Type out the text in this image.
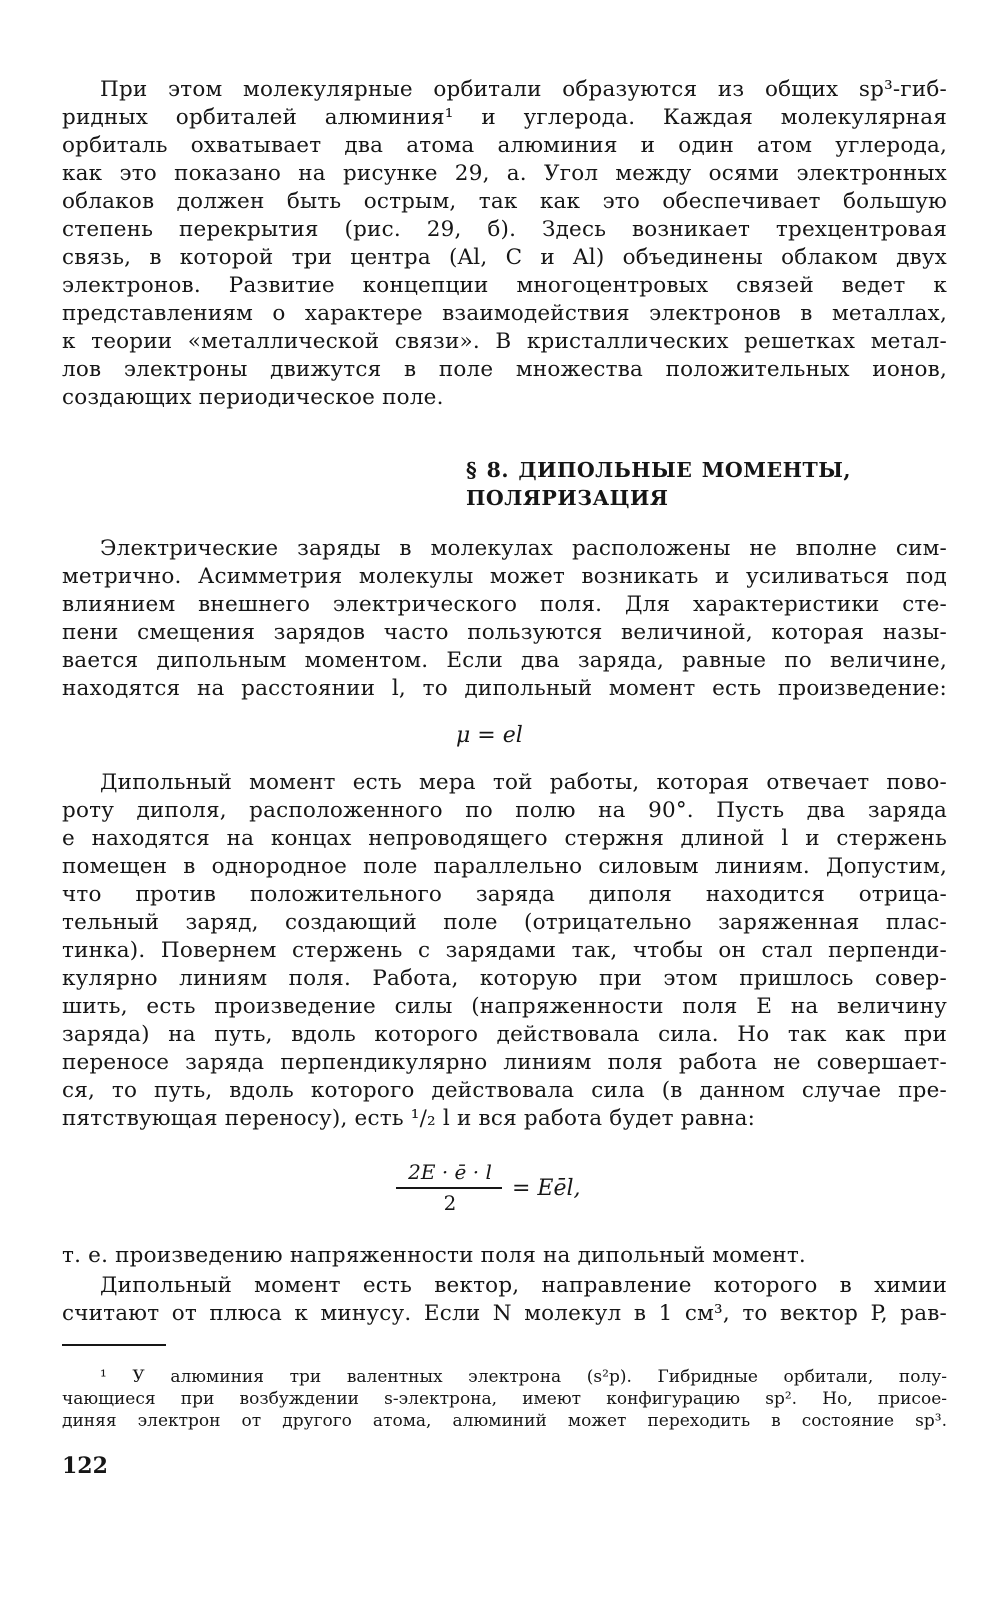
При этом молекулярные орбитали образуются из общих sp³-гиб-
ридных орбиталей алюминия¹ и углерода. Каждая молекулярная
орбиталь охватывает два атома алюминия и один атом углерода,
как это показано на рисунке 29, а. Угол между осями электронных
облаков должен быть острым, так как это обеспечивает большую
степень перекрытия (рис. 29, б). Здесь возникает трехцентровая
связь, в которой три центра (Al, C и Al) объединены облаком двух
электронов. Развитие концепции многоцентровых связей ведет к
представлениям о характере взаимодействия электронов в металлах,
к теории «металлической связи». В кристаллических решетках метал-
лов электроны движутся в поле множества положительных ионов,
создающих периодическое поле.
§ 8. ДИПОЛЬНЫЕ МОМЕНТЫ,
ПОЛЯРИЗАЦИЯ
Электрические заряды в молекулах расположены не вполне сим-
метрично. Асимметрия молекулы может возникать и усиливаться под
влиянием внешнего электрического поля. Для характеристики сте-
пени смещения зарядов часто пользуются величиной, которая назы-
вается дипольным моментом. Если два заряда, равные по величине,
находятся на расстоянии l, то дипольный момент есть произведение:
μ = el
Дипольный момент есть мера той работы, которая отвечает пово-
роту диполя, расположенного по полю на 90°. Пусть два заряда
е находятся на концах непроводящего стержня длиной l и стержень
помещен в однородное поле параллельно силовым линиям. Допустим,
что против положительного заряда диполя находится отрица-
тельный заряд, создающий поле (отрицательно заряженная плас-
тинка). Повернем стержень с зарядами так, чтобы он стал перпенди-
кулярно линиям поля. Работа, которую при этом пришлось совер-
шить, есть произведение силы (напряженности поля E на величину
заряда) на путь, вдоль которого действовала сила. Но так как при
переносе заряда перпендикулярно линиям поля работа не совершает-
ся, то путь, вдоль которого действовала сила (в данном случае пре-
пятствующая переносу), есть ¹/₂ l и вся работа будет равна:
2E · ē · l
2
= Eēl,
т. е. произведению напряженности поля на дипольный момент.
Дипольный момент есть вектор, направление которого в химии
считают от плюса к минусу. Если N молекул в 1 см³, то вектор P, рав-
¹ У алюминия три валентных электрона (s²p). Гибридные орбитали, полу-
чающиеся при возбуждении s-электрона, имеют конфигурацию sp². Но, присое-
диняя электрон от другого атома, алюминий может переходить в состояние sp³.
122
